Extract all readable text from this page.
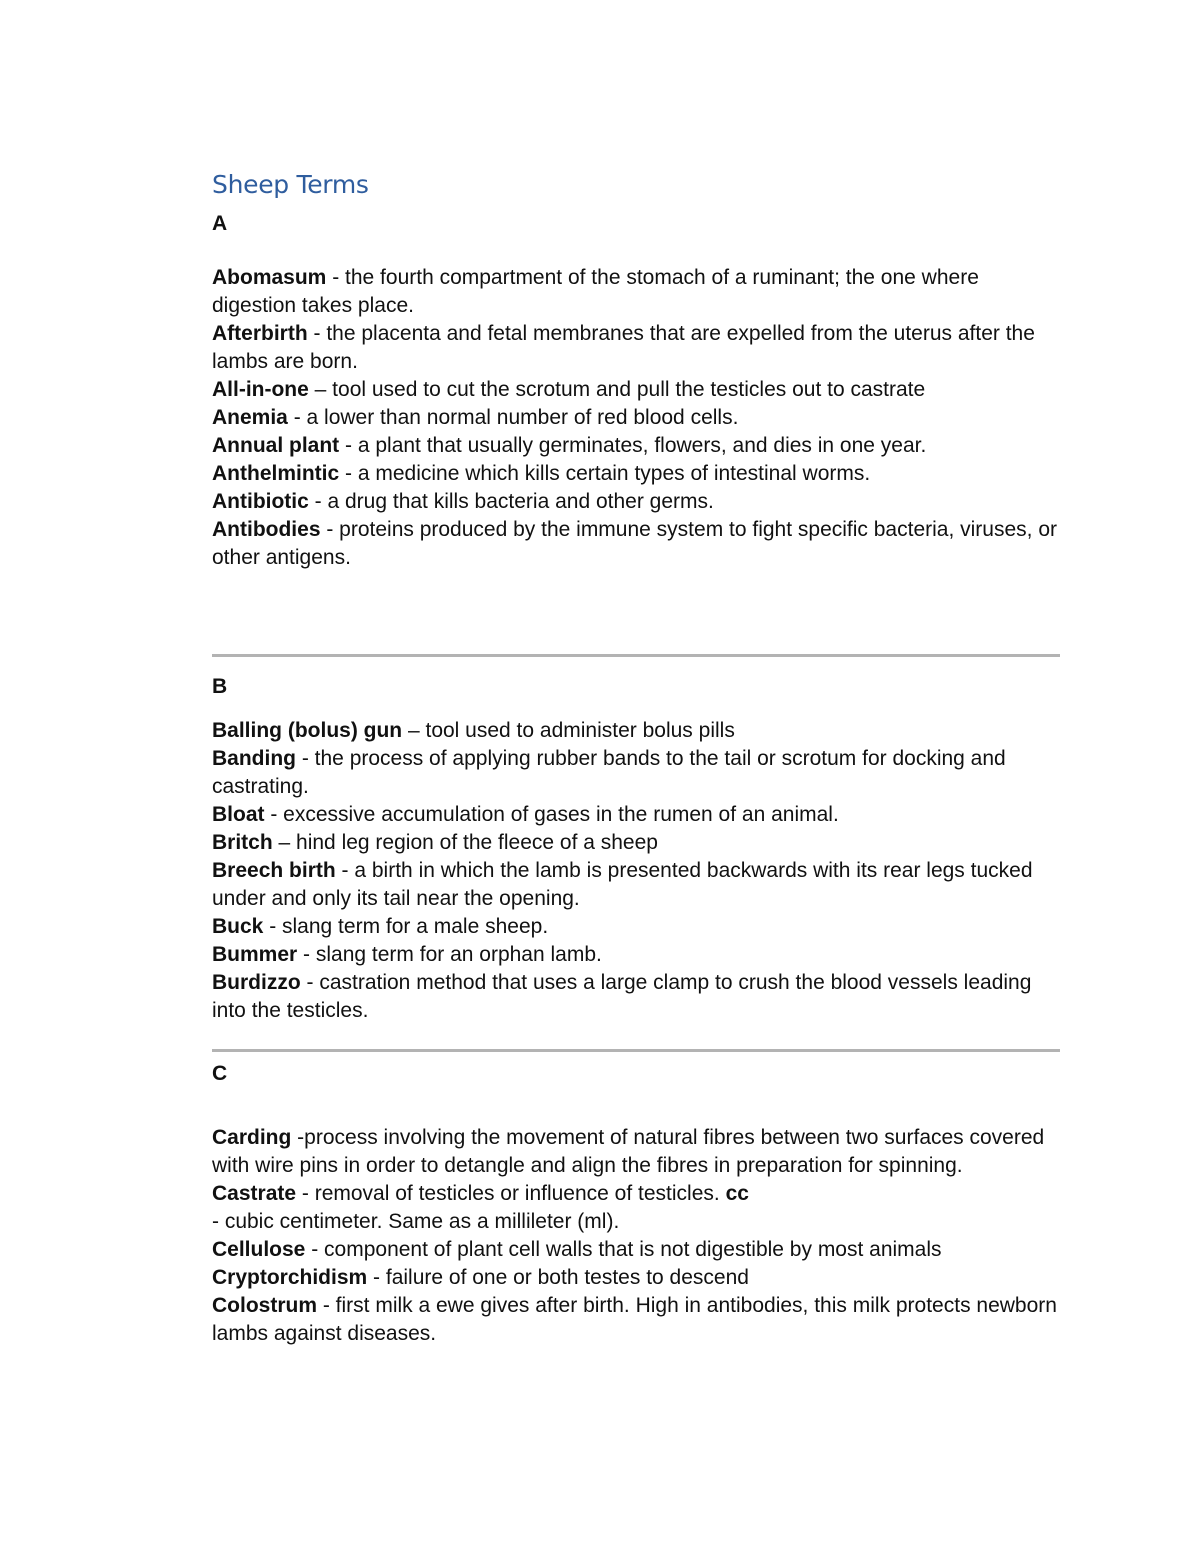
Sheep Terms
A

Abomasum - the fourth compartment of the stomach of a ruminant; the one where digestion takes place.

Afterbirth - the placenta and fetal membranes that are expelled from the uterus after the lambs are born.

All-in-one – tool used to cut the scrotum and pull the testicles out to castrate

Anemia - a lower than normal number of red blood cells.

Annual plant - a plant that usually germinates, flowers, and dies in one year.

Anthelmintic - a medicine which kills certain types of intestinal worms.

Antibiotic - a drug that kills bacteria and other germs.

Antibodies - proteins produced by the immune system to fight specific bacteria, viruses, or other antigens.

B

Balling (bolus) gun – tool used to administer bolus pills

Banding - the process of applying rubber bands to the tail or scrotum for docking and castrating.

Bloat - excessive accumulation of gases in the rumen of an animal.

Britch – hind leg region of the fleece of a sheep

Breech birth - a birth in which the lamb is presented backwards with its rear legs tucked under and only its tail near the opening.

Buck - slang term for a male sheep.

Bummer - slang term for an orphan lamb.

Burdizzo - castration method that uses a large clamp to crush the blood vessels leading into the testicles.

C

Carding -process involving the movement of natural fibres between two surfaces covered with wire pins in order to detangle and align the fibres in preparation for spinning.

Castrate - removal of testicles or influence of testicles. cc

- cubic centimeter. Same as a millileter (ml).

Cellulose - component of plant cell walls that is not digestible by most animals

Cryptorchidism - failure of one or both testes to descend

Colostrum - first milk a ewe gives after birth. High in antibodies, this milk protects newborn lambs against diseases.
